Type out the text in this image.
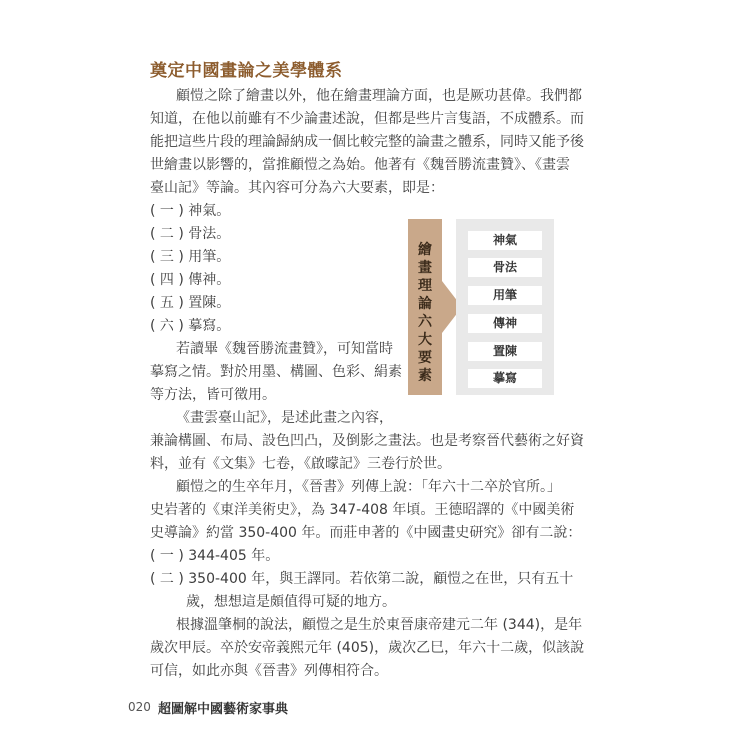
奠定中國畫論之美學體系
顧愷之除了繪畫以外，他在繪畫理論方面，也是厥功甚偉。我們都
知道，在他以前雖有不少論畫述說，但都是些片言隻語，不成體系。而
能把這些片段的理論歸納成一個比較完整的論畫之體系，同時又能予後
世繪畫以影響的，當推顧愷之為始。他著有《魏晉勝流畫贊》、《畫雲
臺山記》等論。其內容可分為六大要素，即是：
( 一 ) 神氣。
( 二 ) 骨法。
( 三 ) 用筆。
( 四 ) 傳神。
( 五 ) 置陳。
( 六 ) 摹寫。
若讀畢《魏晉勝流畫贊》，可知當時
摹寫之情。對於用墨、構圖、色彩、絹素
等方法，皆可徵用。
《畫雲臺山記》，是述此畫之內容，
兼論構圖、布局、設色凹凸，及倒影之畫法。也是考察晉代藝術之好資
料，並有《文集》七卷，《啟曚記》三卷行於世。
顧愷之的生卒年月，《晉書》列傳上說：「年六十二卒於官所。」
史岩著的《東洋美術史》，為 347-408 年頃。王德昭譯的《中國美術
史導論》約當 350-400 年。而莊申著的《中國畫史研究》卻有二說：
( 一 ) 344-405 年。
( 二 ) 350-400 年，與王譯同。若依第二說，顧愷之在世，只有五十
歲，想想這是頗值得可疑的地方。
根據溫肇桐的說法，顧愷之是生於東晉康帝建元二年 (344)，是年
歲次甲辰。卒於安帝義熙元年 (405)，歲次乙巳，年六十二歲，似該說
可信，如此亦與《晉書》列傳相符合。
繪畫理論六大要素
神氣
骨法
用筆
傳神
置陳
摹寫
020 超圖解中國藝術家事典
